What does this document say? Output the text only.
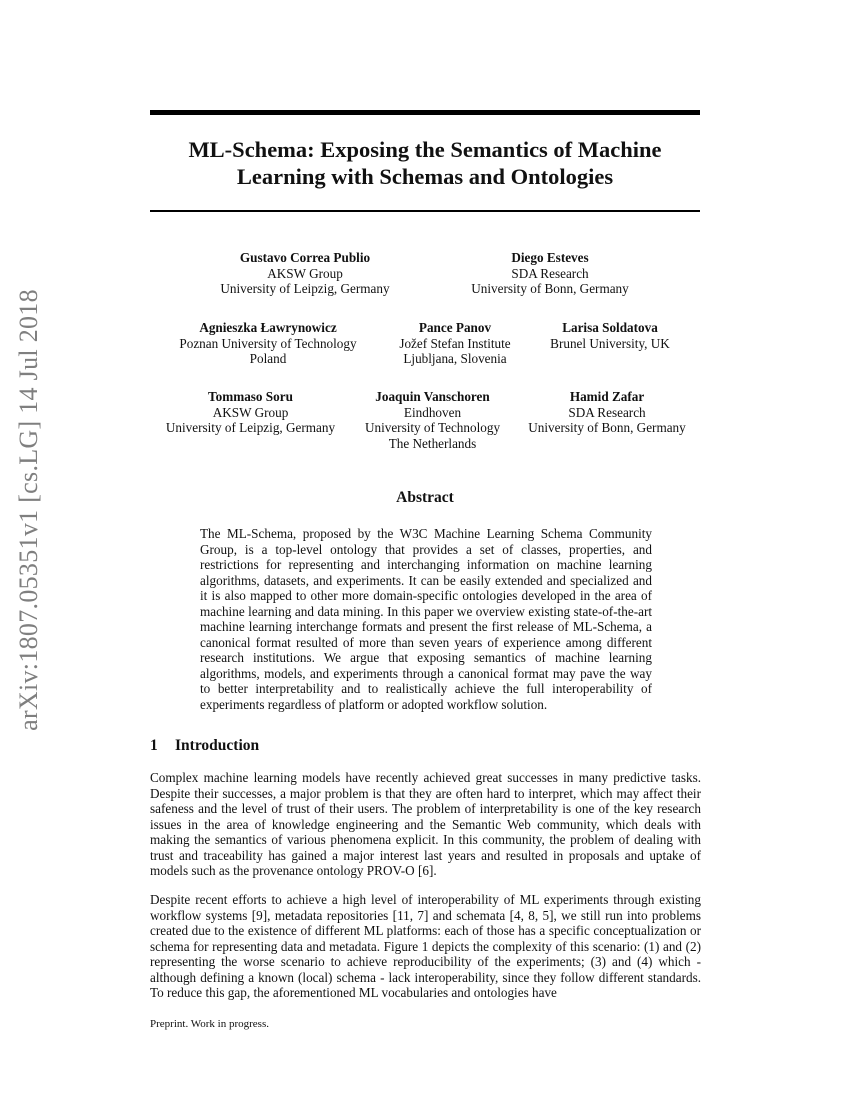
arXiv:1807.05351v1 [cs.LG] 14 Jul 2018
ML-Schema: Exposing the Semantics of Machine Learning with Schemas and Ontologies
Gustavo Correa Publio
AKSW Group
University of Leipzig, Germany
Diego Esteves
SDA Research
University of Bonn, Germany
Agnieszka Ławrynowicz
Poznan University of Technology
Poland
Pance Panov
Jožef Stefan Institute
Ljubljana, Slovenia
Larisa Soldatova
Brunel University, UK
Tommaso Soru
AKSW Group
University of Leipzig, Germany
Joaquin Vanschoren
Eindhoven
University of Technology
The Netherlands
Hamid Zafar
SDA Research
University of Bonn, Germany
Abstract
The ML-Schema, proposed by the W3C Machine Learning Schema Community Group, is a top-level ontology that provides a set of classes, properties, and restrictions for representing and interchanging information on machine learning algorithms, datasets, and experiments. It can be easily extended and specialized and it is also mapped to other more domain-specific ontologies developed in the area of machine learning and data mining. In this paper we overview existing state-of-the-art machine learning interchange formats and present the first release of ML-Schema, a canonical format resulted of more than seven years of experience among different research institutions. We argue that exposing semantics of machine learning algorithms, models, and experiments through a canonical format may pave the way to better interpretability and to realistically achieve the full interoperability of experiments regardless of platform or adopted workflow solution.
1 Introduction
Complex machine learning models have recently achieved great successes in many predictive tasks. Despite their successes, a major problem is that they are often hard to interpret, which may affect their safeness and the level of trust of their users. The problem of interpretability is one of the key research issues in the area of knowledge engineering and the Semantic Web community, which deals with making the semantics of various phenomena explicit. In this community, the problem of dealing with trust and traceability has gained a major interest last years and resulted in proposals and uptake of models such as the provenance ontology PROV-O [6].
Despite recent efforts to achieve a high level of interoperability of ML experiments through existing workflow systems [9], metadata repositories [11, 7] and schemata [4, 8, 5], we still run into problems created due to the existence of different ML platforms: each of those has a specific conceptualization or schema for representing data and metadata. Figure 1 depicts the complexity of this scenario: (1) and (2) representing the worse scenario to achieve reproducibility of the experiments; (3) and (4) which - although defining a known (local) schema - lack interoperability, since they follow different standards. To reduce this gap, the aforementioned ML vocabularies and ontologies have
Preprint. Work in progress.
